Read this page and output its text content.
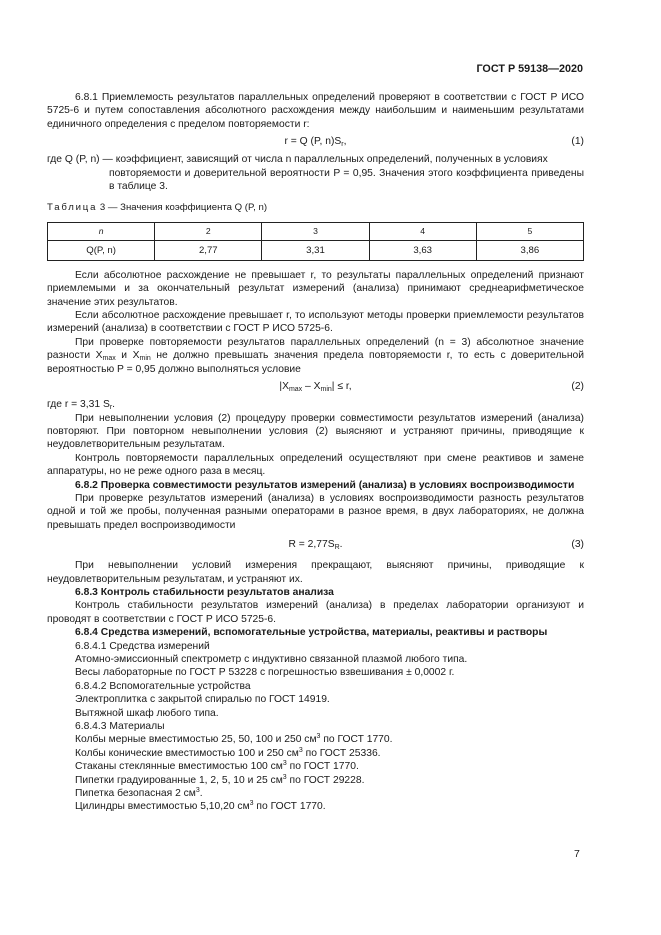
ГОСТ Р 59138—2020

6.8.1 Приемлемость результатов параллельных определений проверяют в соответствии с ГОСТ Р ИСО 5725-6 и путем сопоставления абсолютного расхождения между наибольшим и наименьшим результатами единичного определения с пределом повторяемости r:

r = Q (P, $n)S_r$,	(1)
где Q (P, n) — коэффициент, зависящий от числа n параллельных определений, полученных в условиях

повторяемости и доверительной вероятности P = 0,95. Значения этого коэффициента приведены в таблице 3.

Таблица 3 — Значения коэффициента Q (P, n)
n	2	3	4	5
Q(P, n)	2,77	3,31	3,63	3,86

Если абсолютное расхождение не превышает r, то результаты параллельных определений признают приемлемыми и за окончательный результат измерений (анализа) принимают среднеарифметическое значение этих результатов.

Если абсолютное расхождение превышает r, то используют методы проверки приемлемости результатов измерений (анализа) в соответствии с ГОСТ Р ИСО 5725-6.

При проверке повторяемости результатов параллельных определений (n = 3) абсолютное значение разности $X_{max}$ и $X_{min}$ не должно превышать значения предела повторяемости r, то есть с доверительной вероятностью P = 0,95 должно выполняться условие

$|X_{max} - X_{min}| \le r$,	(2)

где r = 3,31 $S_r$.

При невыполнении условия (2) процедуру проверки совместимости результатов измерений (анализа) повторяют. При повторном невыполнении условия (2) выясняют и устраняют причины, приводящие к неудовлетворительным результатам.

Контроль повторяемости параллельных определений осуществляют при смене реактивов и замене аппаратуры, но не реже одного раза в месяц.

6.8.2 Проверка совместимости результатов измерений (анализа) в условиях воспроизводимости

При проверке результатов измерений (анализа) в условиях воспроизводимости разность результатов одной и той же пробы, полученная разными операторами в разное время, в двух лабораториях, не должна превышать предел воспроизводимости

$R = 2,77S_R$.	(3)

При невыполнении условий измерения прекращают, выясняют причины, приводящие к неудовлетворительным результатам, и устраняют их.

6.8.3 Контроль стабильности результатов анализа

Контроль стабильности результатов измерений (анализа) в пределах лаборатории организуют и проводят в соответствии с ГОСТ Р ИСО 5725-6.

6.8.4 Средства измерений, вспомогательные устройства, материалы, реактивы и растворы

6.8.4.1 Средства измерений

Атомно-эмиссионный спектрометр с индуктивно связанной плазмой любого типа.

Весы лабораторные по ГОСТ Р 53228 с погрешностью взвешивания ± 0,0002 г.

6.8.4.2 Вспомогательные устройства

Электроплитка с закрытой спиралью по ГОСТ 14919.

Вытяжной шкаф любого типа.

6.8.4.3 Материалы

Колбы мерные вместимостью 25, 50, 100 и 250 $см^3$ по ГОСТ 1770.

Колбы конические вместимостью 100 и 250 $см^3$ по ГОСТ 25336.

Стаканы стеклянные вместимостью 100 $см^3$ по ГОСТ 1770.

Пипетки градуированные 1, 2, 5, 10 и 25 $см^3$ по ГОСТ 29228.

Пипетка безопасная 2 $см^3$.

Цилиндры вместимостью 5,10,20 $см^3$ по ГОСТ 1770.

7
